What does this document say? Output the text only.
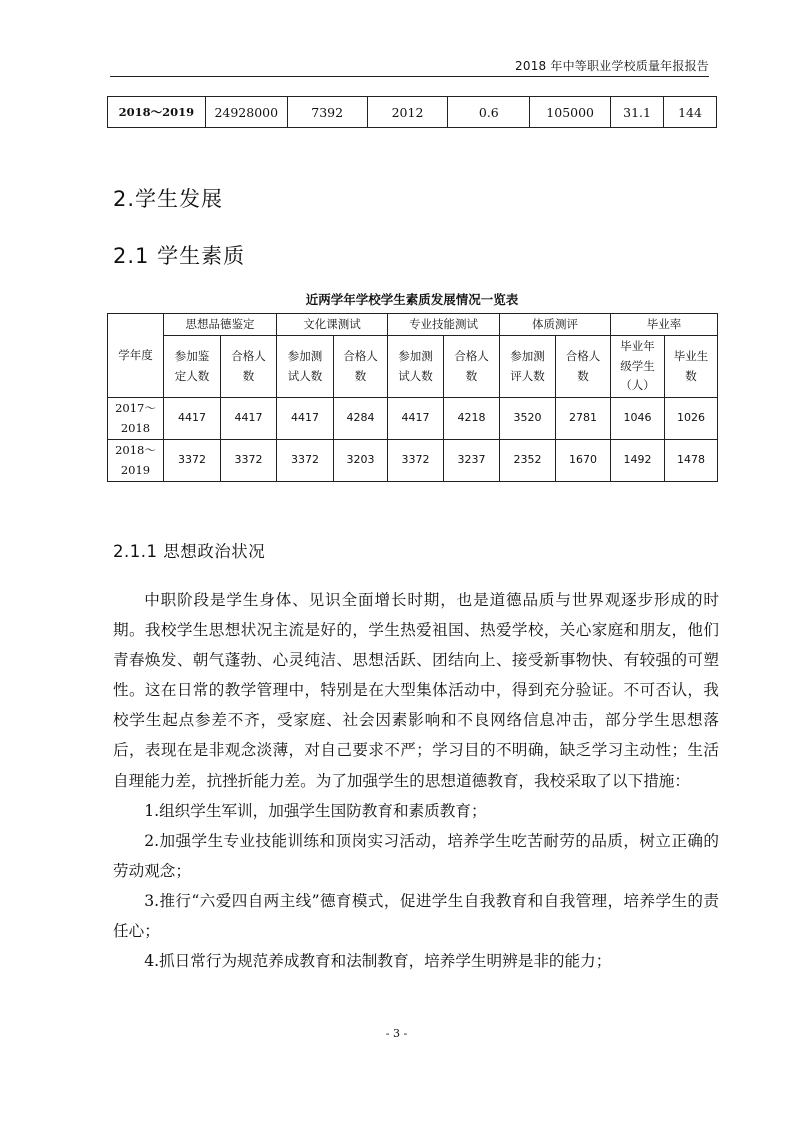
2018 年中等职业学校质量年报报告
2018～2019	24928000	7392	2012	0.6	105000	31.1	144
2.学生发展
2.1 学生素质
近两学年学校学生素质发展情况一览表
学年度	思想品德鉴定		文化课测试		专业技能测试		体质测评		毕业率	
	参加鉴定人数	合格人数	参加测试人数	合格人数	参加测试人数	合格人数	参加测评人数	合格人数	毕业年级学生（人）	毕业生数
2017～2018	4417	4417	4417	4284	4417	4218	3520	2781	1046	1026
2018～2019	3372	3372	3372	3203	3372	3237	2352	1670	1492	1478
2.1.1 思想政治状况

中职阶段是学生身体、见识全面增长时期，也是道德品质与世界观逐步形成的时期。我校学生思想状况主流是好的，学生热爱祖国、热爱学校，关心家庭和朋友，他们青春焕发、朝气蓬勃、心灵纯洁、思想活跃、团结向上、接受新事物快、有较强的可塑性。这在日常的教学管理中，特别是在大型集体活动中，得到充分验证。不可否认，我校学生起点参差不齐，受家庭、社会因素影响和不良网络信息冲击，部分学生思想落后，表现在是非观念淡薄，对自己要求不严；学习目的不明确，缺乏学习主动性；生活自理能力差，抗挫折能力差。为了加强学生的思想道德教育，我校采取了以下措施：

1.组织学生军训，加强学生国防教育和素质教育；

2.加强学生专业技能训练和顶岗实习活动，培养学生吃苦耐劳的品质，树立正确的劳动观念；

3.推行“六爱四自两主线”德育模式，促进学生自我教育和自我管理，培养学生的责任心；

4.抓日常行为规范养成教育和法制教育，培养学生明辨是非的能力；

- 3 -
